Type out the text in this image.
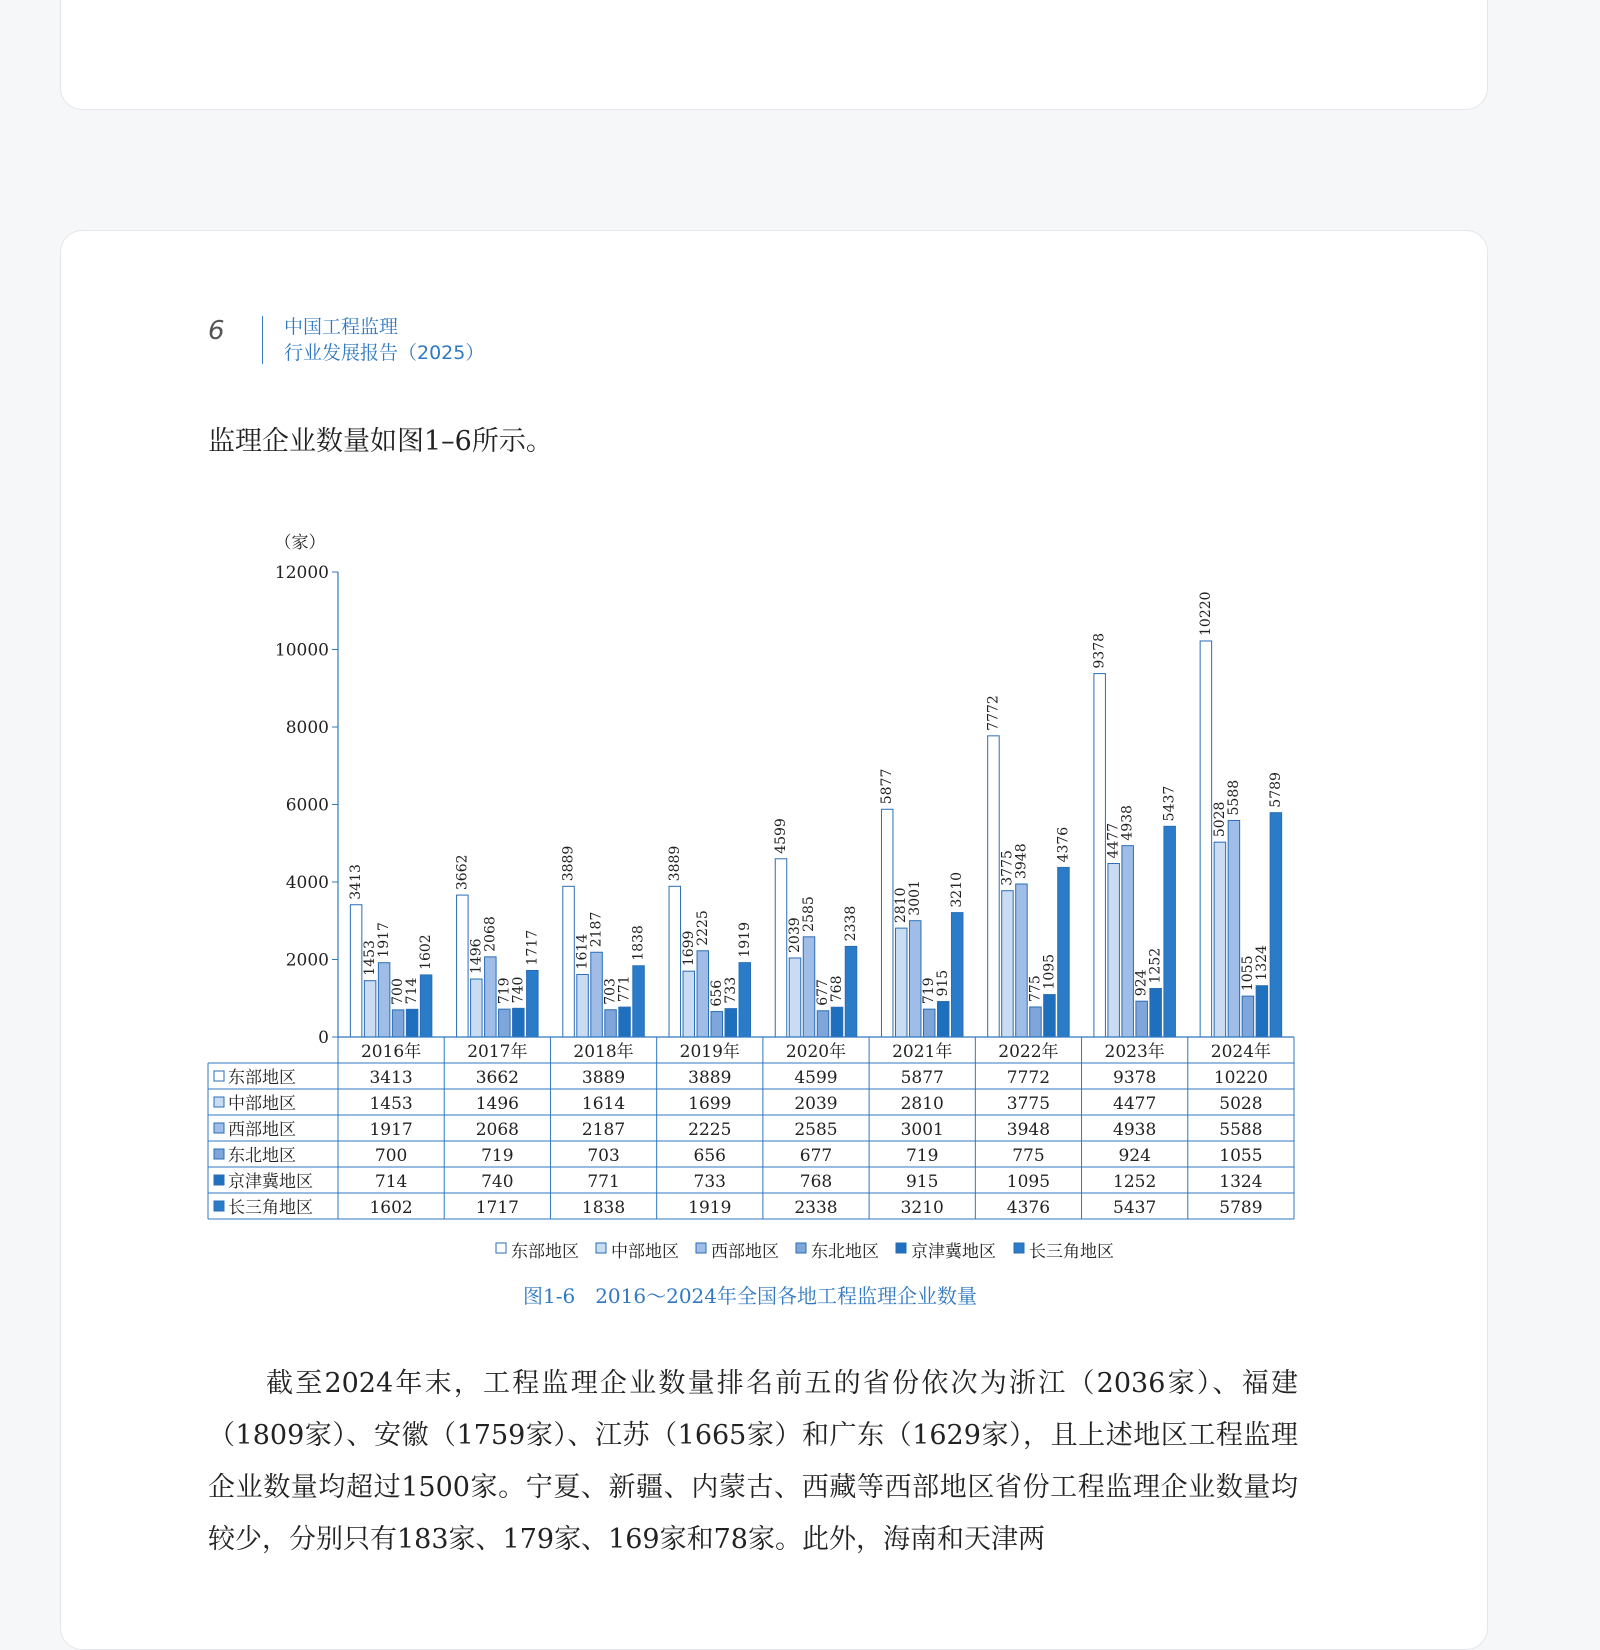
6	中国工程监理
行业发展报告（2025）
监理企业数量如图1–6所示。
（家）
0
2000
4000
6000
8000
10000
12000
3413	3662	3889	3889
4599
5877
7772
9378
10220
1453	1496	1614	1699	2039
2810
3775
4477
5028
1917	2068	2187	2225	2585	3001
3948
4938
5588
700	719	703	656	677	719	775	924	1055
714	740	771	733	768	915	1095	1252	1324
1602	1717	1838	1919	2338
3210
4376
5437	5789
2016年	2017年	2018年	2019年	2020年	2021年	2022年	2023年	2024年
东部地区	3413	3662	3889	3889	4599	5877	7772	9378	10220
中部地区	1453	1496	1614	1699	2039	2810	3775	4477	5028
西部地区	1917	2068	2187	2225	2585	3001	3948	4938	5588
东北地区	700	719	703	656	677	719	775	924	1055
京津冀地区	714	740	771	733	768	915	1095	1252	1324
长三角地区	1602	1717	1838	1919	2338	3210	4376	5437	5789
东部地区 中部地区 西部地区 东北地区 京津冀地区 长三角地区
图1-6　2016～2024年全国各地工程监理企业数量
截至2024年末，工程监理企业数量排名前五的省份依次为浙江（2036家）、福建（1809家）、安徽（1759家）、江苏（1665家）和广东（1629家），且上述地区工程监理企业数量均超过1500家。宁夏、新疆、内蒙古、西藏等西部地区省份工程监理企业数量均较少，分别只有183家、179家、169家和78家。此外，海南和天津两
